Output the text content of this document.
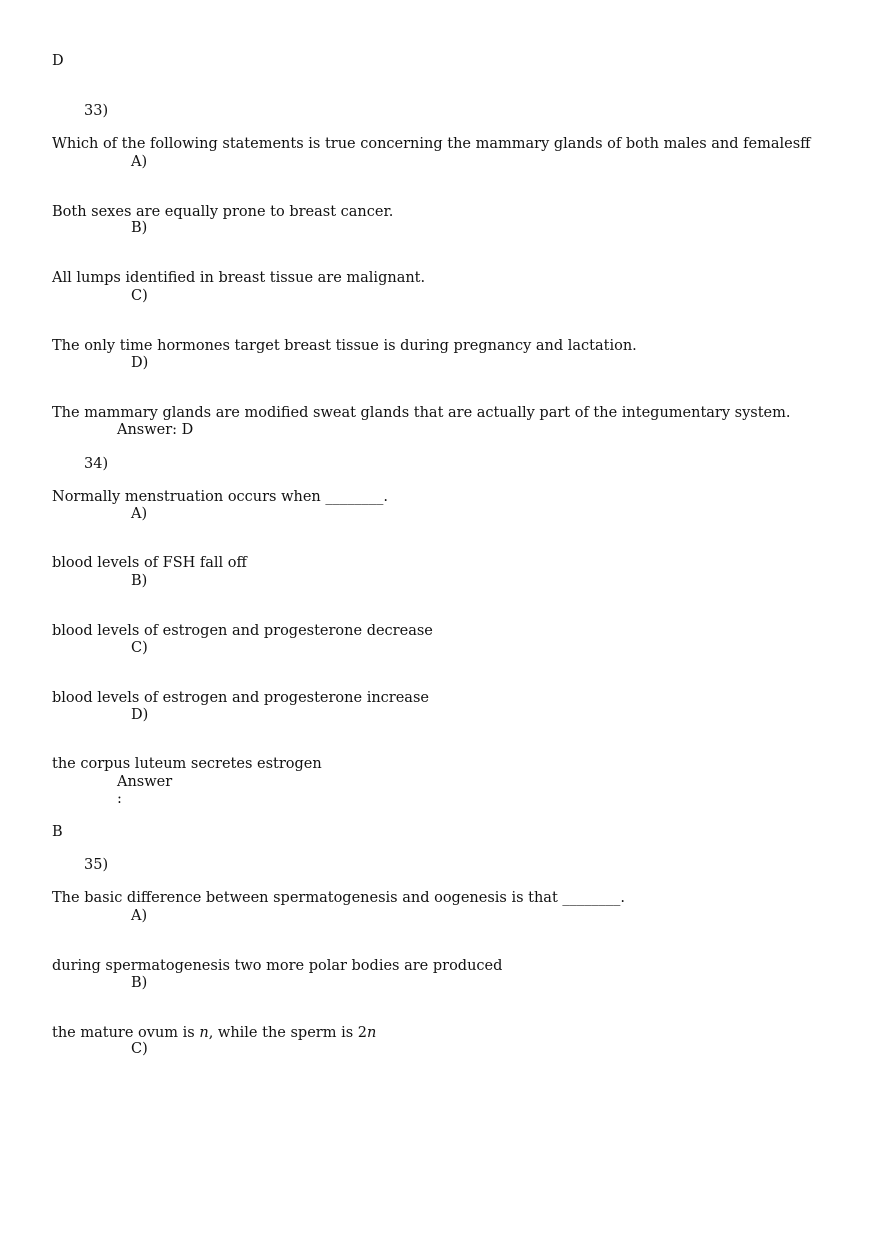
D
33)
Which of the following statements is true concerning the mammary glands of both males and femalesff
A)
Both sexes are equally prone to breast cancer.
B)
All lumps identified in breast tissue are malignant.
C)
The only time hormones target breast tissue is during pregnancy and lactation.
D)
The mammary glands are modified sweat glands that are actually part of the integumentary system.
Answer: D
34)
Normally menstruation occurs when ________.
A)
blood levels of FSH fall off
B)
blood levels of estrogen and progesterone decrease
C)
blood levels of estrogen and progesterone increase
D)
the corpus luteum secretes estrogen
Answer
:
B
35)
The basic difference between spermatogenesis and oogenesis is that ________.
A)
during spermatogenesis two more polar bodies are produced
B)
the mature ovum is n, while the sperm is 2n
C)
